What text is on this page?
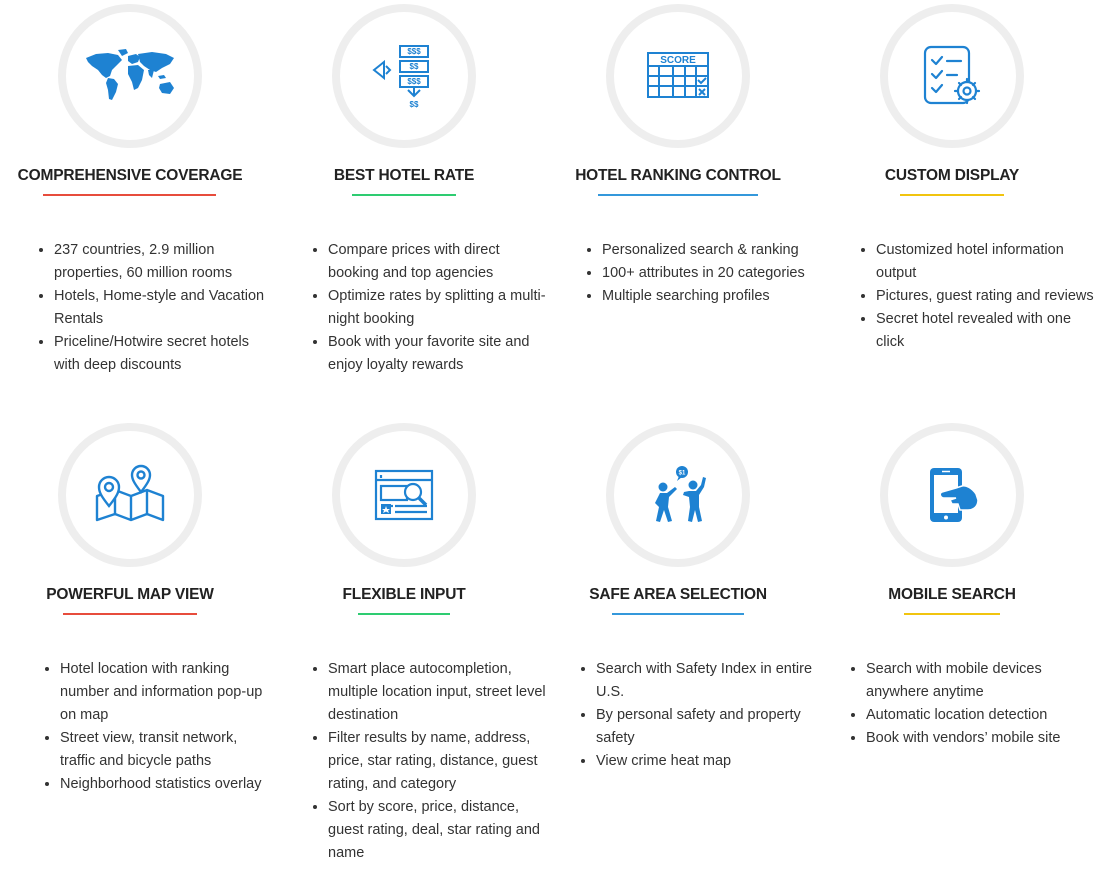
COMPREHENSIVE COVERAGE
• 237 countries, 2.9 million properties, 60 million rooms
• Hotels, Home-style and Vacation Rentals
• Priceline/Hotwire secret hotels with deep discounts
$$$
$$
$$$
$$
BEST HOTEL RATE
• Compare prices with direct booking and top agencies
• Optimize rates by splitting a multi-night booking
• Book with your favorite site and enjoy loyalty rewards
SCORE
HOTEL RANKING CONTROL
• Personalized search & ranking
• 100+ attributes in 20 categories
• Multiple searching profiles
CUSTOM DISPLAY
• Customized hotel information output
• Pictures, guest rating and reviews
• Secret hotel revealed with one click
POWERFUL MAP VIEW
• Hotel location with ranking number and information pop-up on map
• Street view, transit network, traffic and bicycle paths
• Neighborhood statistics overlay
FLEXIBLE INPUT
• Smart place autocompletion, multiple location input, street level destination
• Filter results by name, address, price, star rating, distance, guest rating, and category
• Sort by score, price, distance, guest rating, deal, star rating and name
$1
SAFE AREA SELECTION
• Search with Safety Index in entire U.S.
• By personal safety and property safety
• View crime heat map
MOBILE SEARCH
• Search with mobile devices anywhere anytime
• Automatic location detection
• Book with vendors’ mobile site
